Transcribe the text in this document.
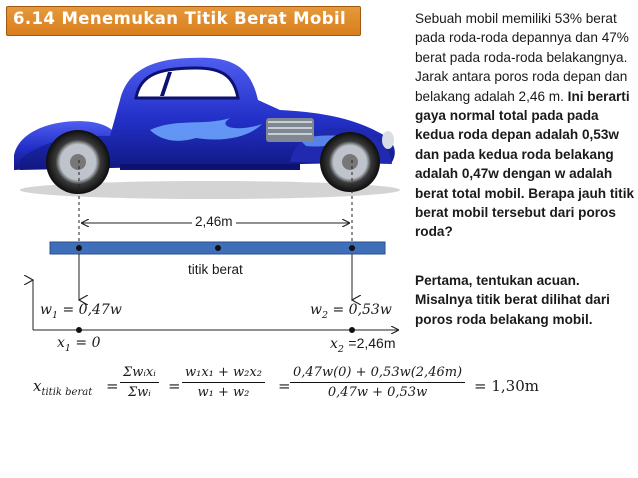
6.14 Menemukan Titik Berat Mobil
2,46m
titik berat
$w_1 = 0,47w$	$w_2 = 0,53w$
$x_1 = 0$	$x_2 =2,46m$
$x_{titik berat}$ =
Σwᵢxᵢ
Σwᵢ = $\frac{\text{w₁x₁ + w₂x₂}}{\text{w₁ + w₂}} = \frac{0,47w(0) + 0,53w(2,46m)}{0,47w + 0,53w} = 1,30m$
Sebuah mobil memiliki 53% berat pada roda-roda depannya dan 47% berat pada roda-roda belakangnya. Jarak antara poros roda depan dan belakang adalah 2,46 m. Ini berarti gaya normal total pada pada kedua roda depan adalah 0,53w dan pada kedua roda belakang adalah 0,47w dengan w adalah berat total mobil. Berapa jauh titik berat mobil tersebut dari poros roda?
Pertama, tentukan acuan. Misalnya titik berat dilihat dari poros roda belakang mobil.
